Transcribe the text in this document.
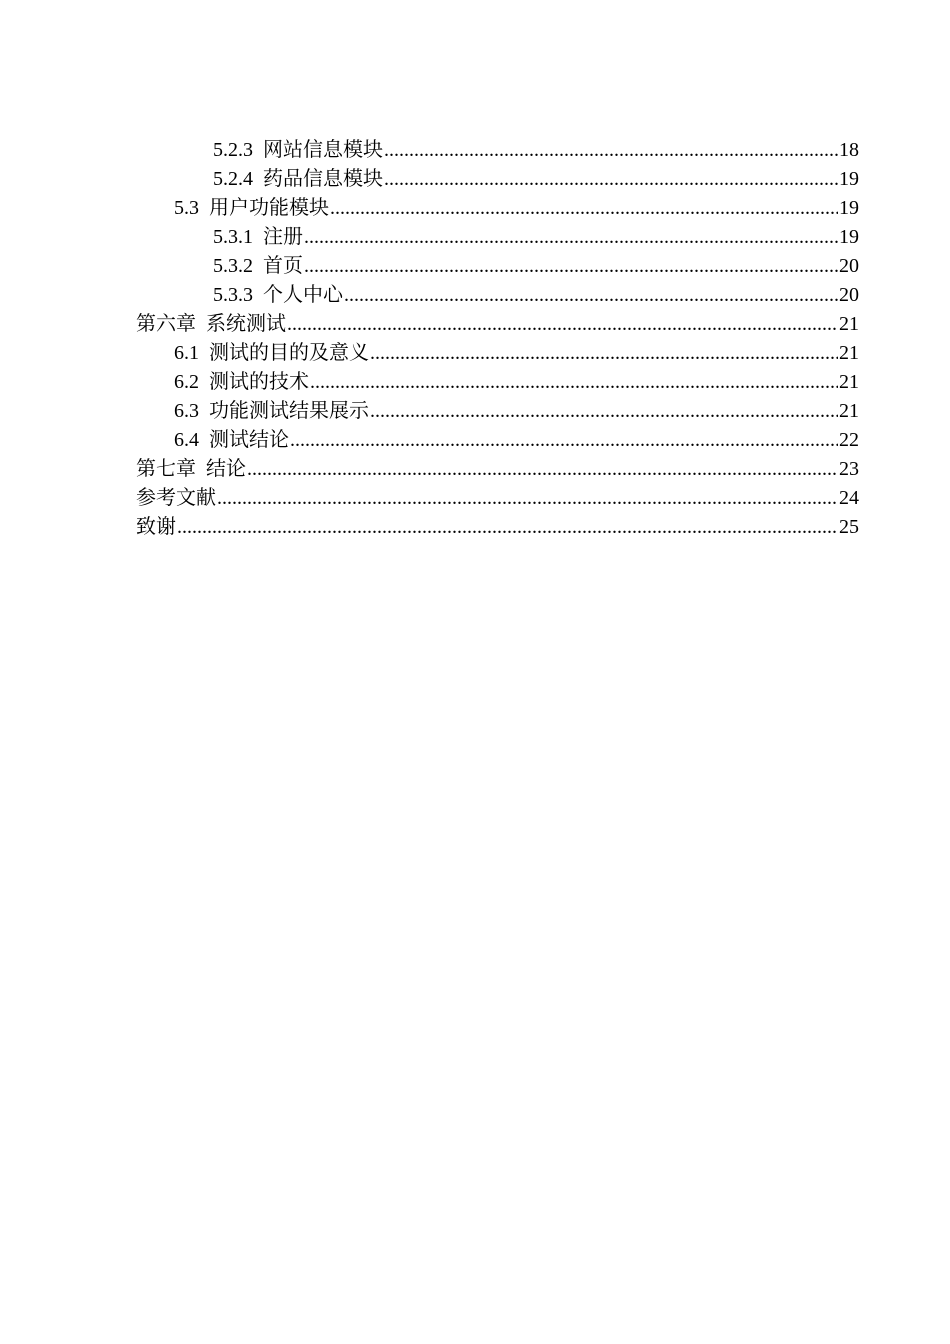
5.2.3 网站信息模块 .....	18
5.2.4 药品信息模块 .....	19
5.3 用户功能模块 .....	19
5.3.1 注册 .....	19
5.3.2 首页 .....	20
5.3.3 个人中心 .....	20
第六章 系统测试 .....	21
6.1 测试的目的及意义 .....	21
6.2 测试的技术 .....	21
6.3 功能测试结果展示 .....	21
6.4 测试结论 .....	22
第七章 结论 .....	23
参考文献 .....	24
致谢 .....	25
